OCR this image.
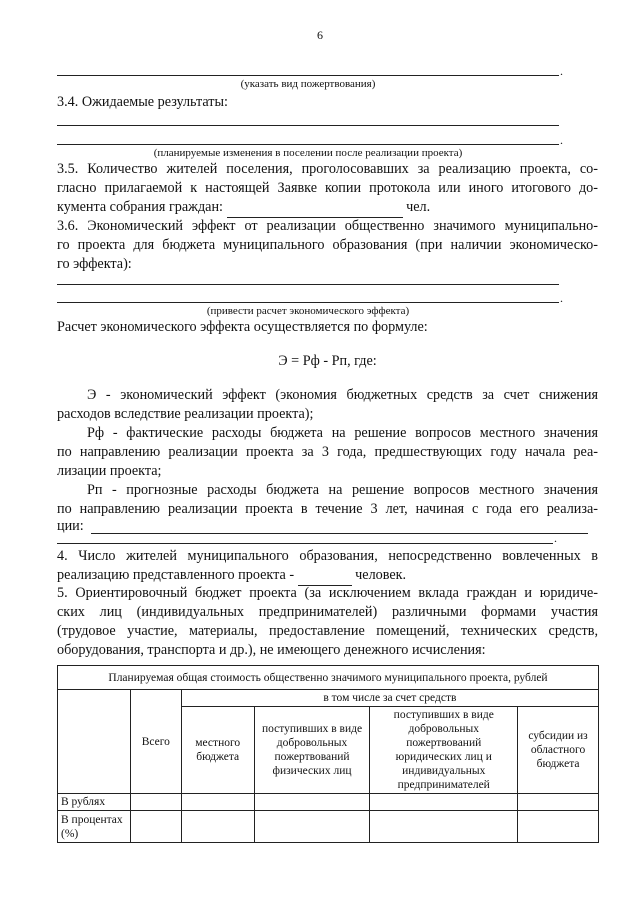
6
.
(указать вид пожертвования)
3.4. Ожидаемые результаты:
.
(планируемые изменения в поселении после реализации проекта)
3.5. Количество жителей поселения, проголосовавших за реализацию проекта, со-
гласно прилагаемой к настоящей Заявке копии протокола или иного итогового до-
кумента собрания граждан:	чел.
3.6. Экономический эффект от реализации общественно значимого муниципально-
го проекта для бюджета муниципального образования (при наличии экономическо-
го эффекта):
.
(привести расчет экономического эффекта)
Расчет экономического эффекта осуществляется по формуле:
Э = Рф - Рп, где:
Э - экономический эффект (экономия бюджетных средств за счет снижения
расходов вследствие реализации проекта);
Рф - фактические расходы бюджета на решение вопросов местного значения
по направлению реализации проекта за 3 года, предшествующих году начала реа-
лизации проекта;
Рп - прогнозные расходы бюджета на решение вопросов местного значения
по направлению реализации проекта в течение 3 лет, начиная с года его реализа-
ции:
.
4. Число жителей муниципального образования, непосредственно вовлеченных в
реализацию представленного проекта -	человек.
5. Ориентировочный бюджет проекта (за исключением вклада граждан и юридиче-
ских лиц (индивидуальных предпринимателей) различными формами участия
(трудовое участие, материалы, предоставление помещений, технических средств,
оборудования, транспорта и др.), не имеющего денежного исчисления:
Планируемая общая стоимость общественно значимого муниципального проекта, рублей					
	Всего	в том числе за счет средств			
		местного бюджета	поступивших в виде добровольных пожертвований физических лиц	поступивших в виде добровольных пожертвований юридических лиц и индивидуальных предпринимателей	субсидии из областного бюджета
В рублях					
В процентах (%)					
